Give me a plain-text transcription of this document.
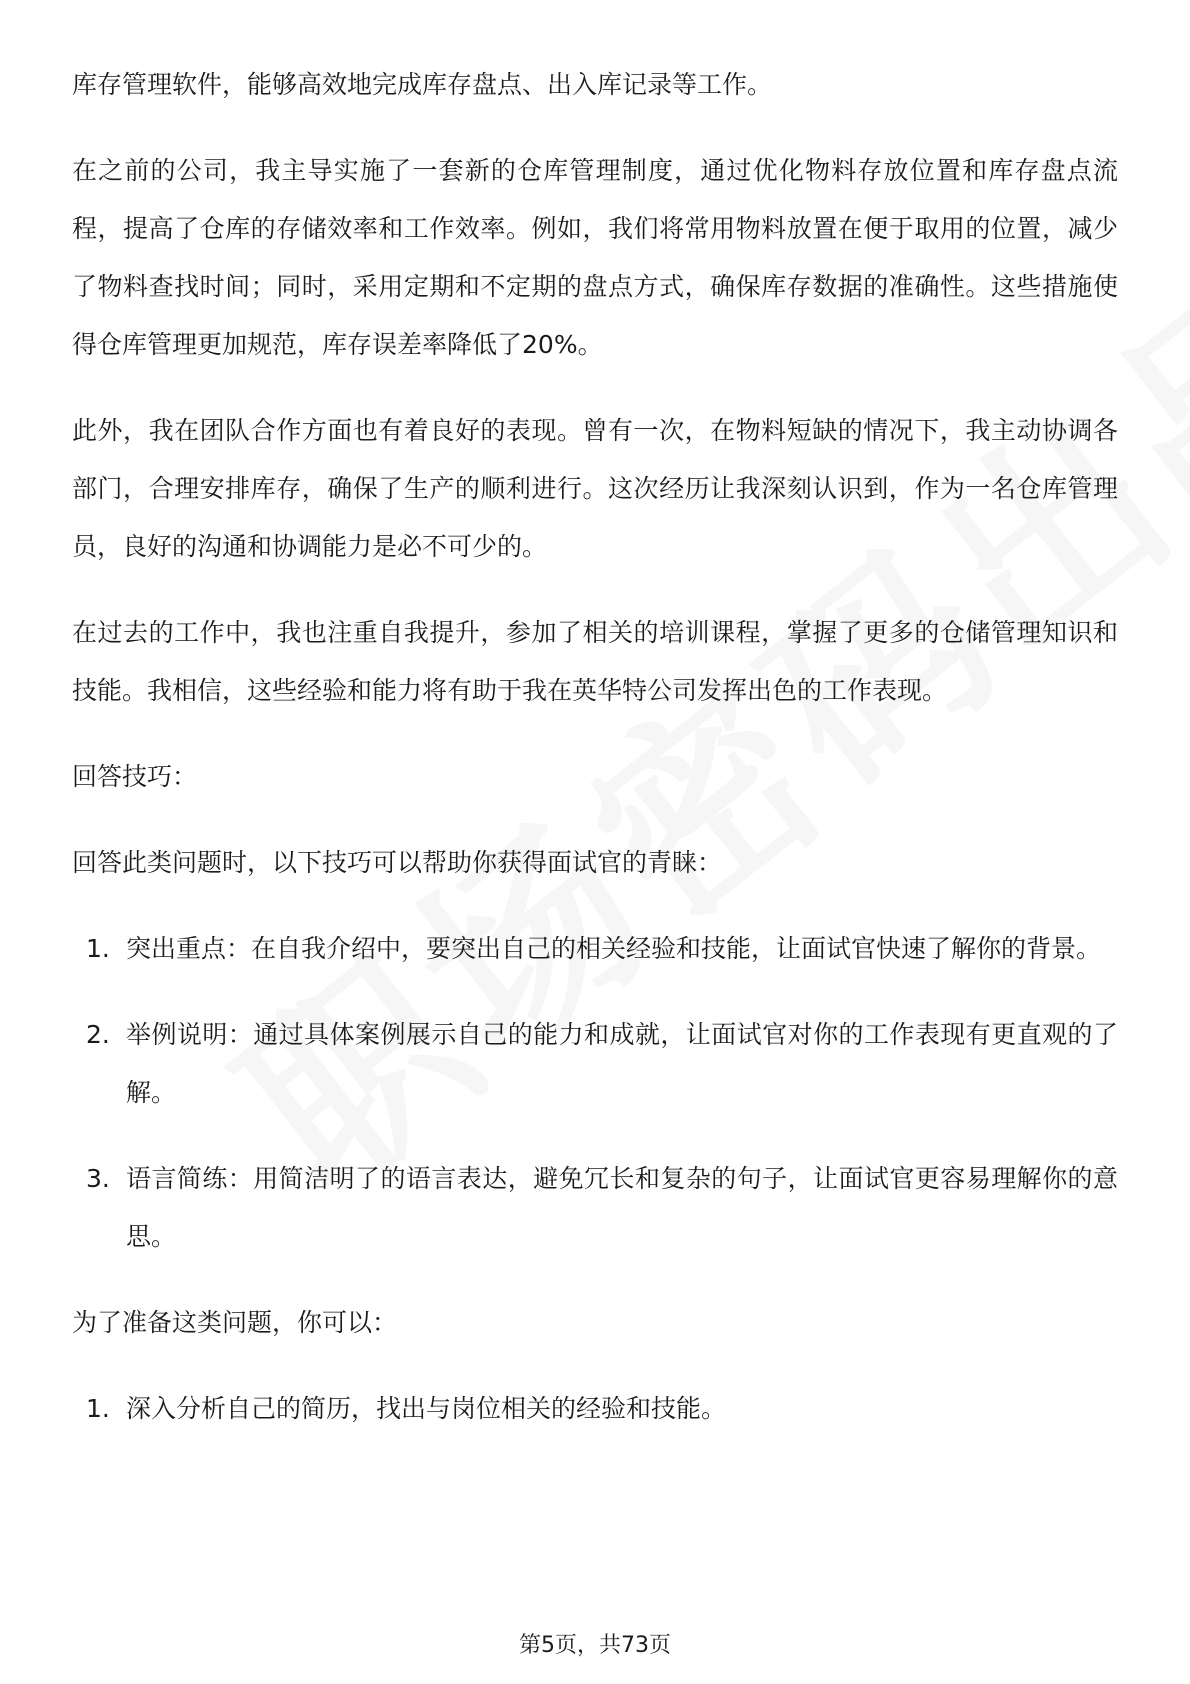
库存管理软件，能够高效地完成库存盘点、出入库记录等工作。

在之前的公司，我主导实施了一套新的仓库管理制度，通过优化物料存放位置和库存盘点流程，提高了仓库的存储效率和工作效率。例如，我们将常用物料放置在便于取用的位置，减少了物料查找时间；同时，采用定期和不定期的盘点方式，确保库存数据的准确性。这些措施使得仓库管理更加规范，库存误差率降低了20%。

此外，我在团队合作方面也有着良好的表现。曾有一次，在物料短缺的情况下，我主动协调各部门，合理安排库存，确保了生产的顺利进行。这次经历让我深刻认识到，作为一名仓库管理员，良好的沟通和协调能力是必不可少的。

在过去的工作中，我也注重自我提升，参加了相关的培训课程，掌握了更多的仓储管理知识和技能。我相信，这些经验和能力将有助于我在英华特公司发挥出色的工作表现。

回答技巧：

回答此类问题时，以下技巧可以帮助你获得面试官的青睐：

1. 突出重点：在自我介绍中，要突出自己的相关经验和技能，让面试官快速了解你的背景。
2. 举例说明：通过具体案例展示自己的能力和成就，让面试官对你的工作表现有更直观的了解。
3. 语言简练：用简洁明了的语言表达，避免冗长和复杂的句子，让面试官更容易理解你的意思。

为了准备这类问题，你可以：

1. 深入分析自己的简历，找出与岗位相关的经验和技能。
第5页，共73页
